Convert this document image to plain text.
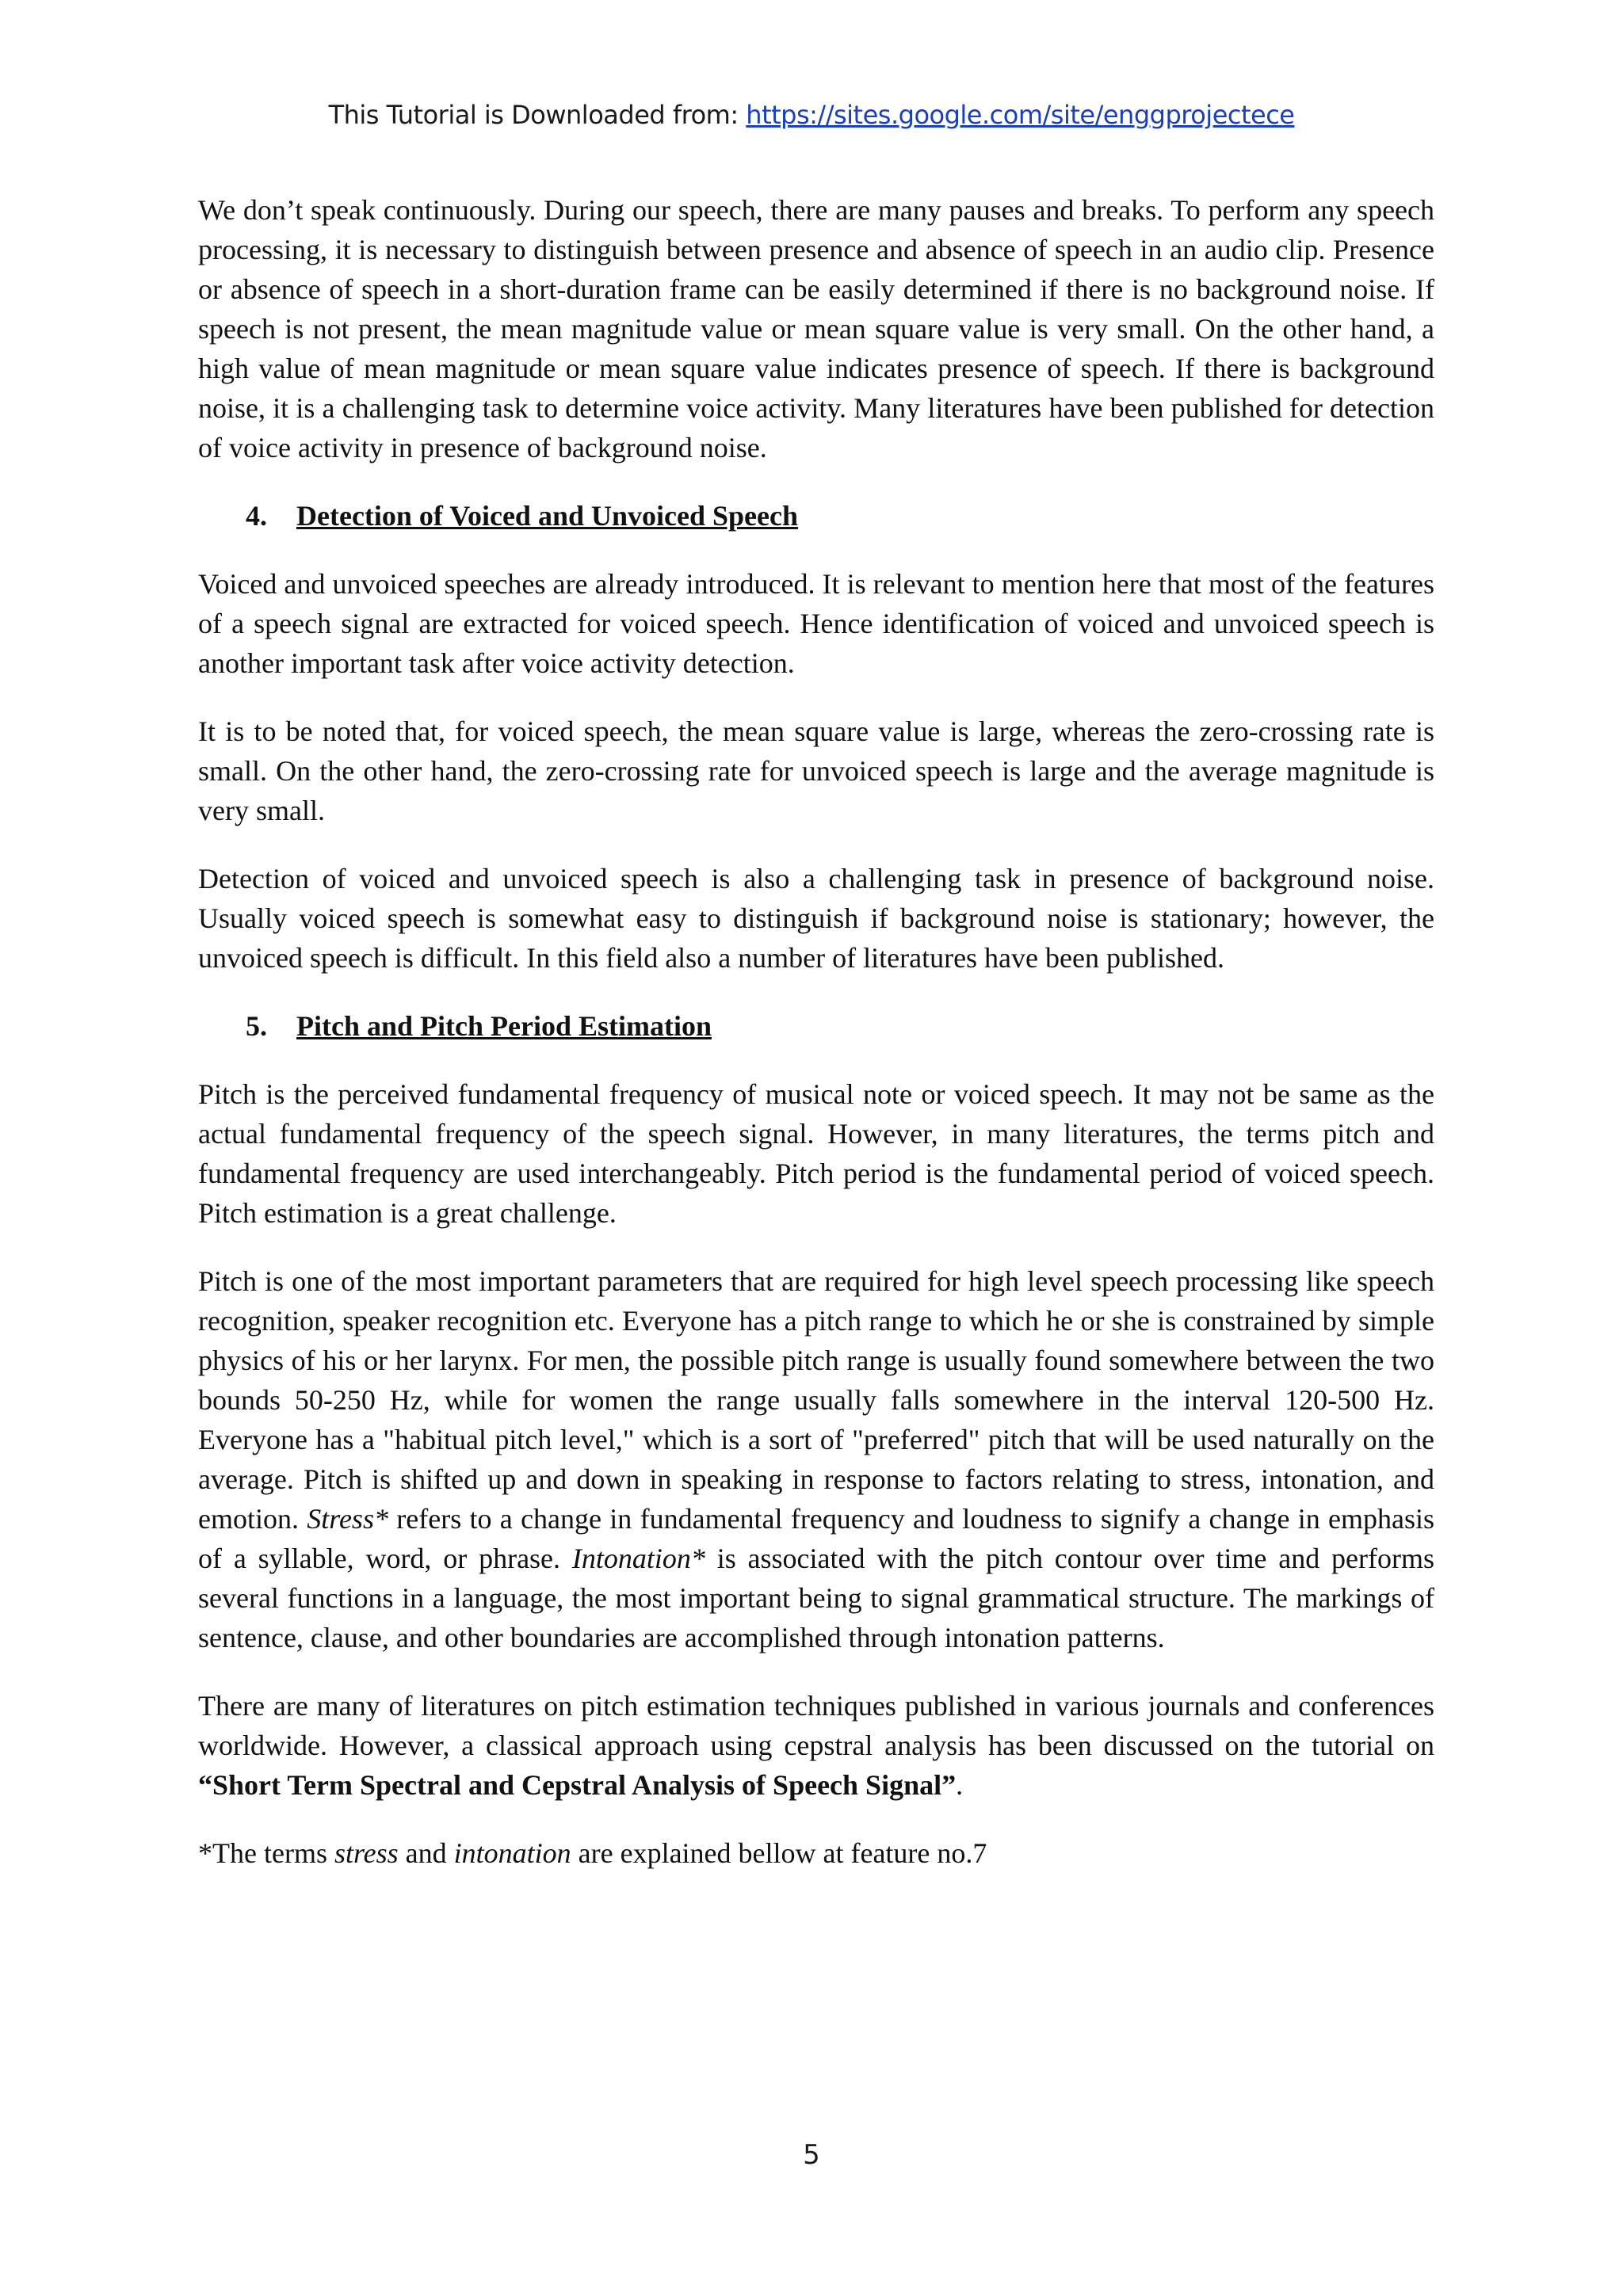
This Tutorial is Downloaded from: https://sites.google.com/site/enggprojectece

We don’t speak continuously. During our speech, there are many pauses and breaks. To perform any speech processing, it is necessary to distinguish between presence and absence of speech in an audio clip. Presence or absence of speech in a short-duration frame can be easily determined if there is no background noise. If speech is not present, the mean magnitude value or mean square value is very small. On the other hand, a high value of mean magnitude or mean square value indicates presence of speech. If there is background noise, it is a challenging task to determine voice activity. Many literatures have been published for detection of voice activity in presence of background noise.

4. Detection of Voiced and Unvoiced Speech

Voiced and unvoiced speeches are already introduced. It is relevant to mention here that most of the features of a speech signal are extracted for voiced speech. Hence identification of voiced and unvoiced speech is another important task after voice activity detection.

It is to be noted that, for voiced speech, the mean square value is large, whereas the zero-crossing rate is small. On the other hand, the zero-crossing rate for unvoiced speech is large and the average magnitude is very small.

Detection of voiced and unvoiced speech is also a challenging task in presence of background noise. Usually voiced speech is somewhat easy to distinguish if background noise is stationary; however, the unvoiced speech is difficult. In this field also a number of literatures have been published.

5. Pitch and Pitch Period Estimation

Pitch is the perceived fundamental frequency of musical note or voiced speech. It may not be same as the actual fundamental frequency of the speech signal. However, in many literatures, the terms pitch and fundamental frequency are used interchangeably. Pitch period is the fundamental period of voiced speech. Pitch estimation is a great challenge.

Pitch is one of the most important parameters that are required for high level speech processing like speech recognition, speaker recognition etc. Everyone has a pitch range to which he or she is constrained by simple physics of his or her larynx. For men, the possible pitch range is usually found somewhere between the two bounds 50-250 Hz, while for women the range usually falls somewhere in the interval 120-500 Hz. Everyone has a "habitual pitch level," which is a sort of "preferred" pitch that will be used naturally on the average. Pitch is shifted up and down in speaking in response to factors relating to stress, intonation, and emotion. Stress* refers to a change in fundamental frequency and loudness to signify a change in emphasis of a syllable, word, or phrase. Intonation* is associated with the pitch contour over time and performs several functions in a language, the most important being to signal grammatical structure. The markings of sentence, clause, and other boundaries are accomplished through intonation patterns.

There are many of literatures on pitch estimation techniques published in various journals and conferences worldwide. However, a classical approach using cepstral analysis has been discussed on the tutorial on “Short Term Spectral and Cepstral Analysis of Speech Signal”.

*The terms stress and intonation are explained bellow at feature no.7

5
